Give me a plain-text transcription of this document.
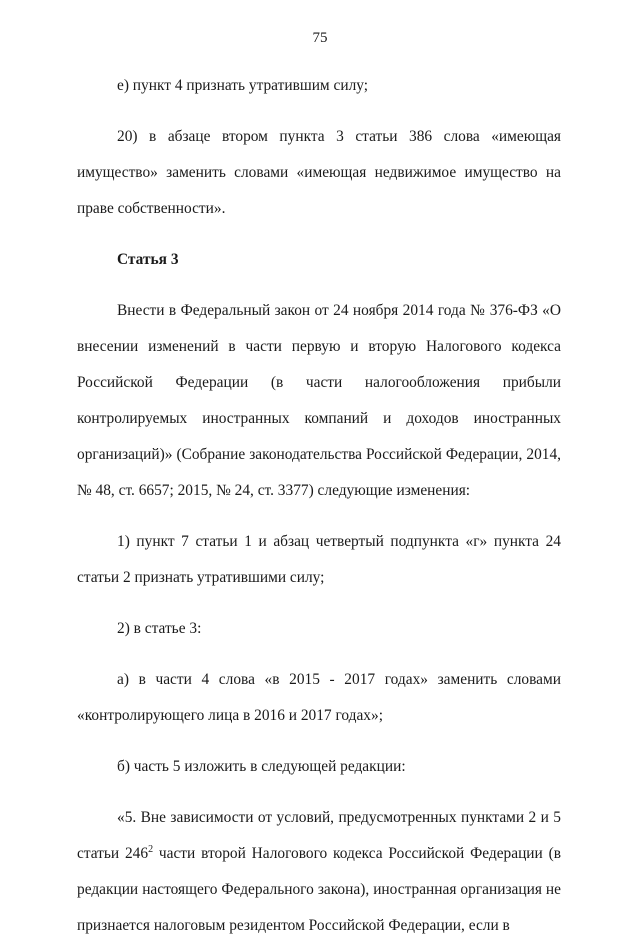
75

е) пункт 4 признать утратившим силу;

20) в абзаце втором пункта 3 статьи 386 слова «имеющая имущество» заменить словами «имеющая недвижимое имущество на праве собственности».

Статья 3

Внести в Федеральный закон от 24 ноября 2014 года № 376-ФЗ «О внесении изменений в части первую и вторую Налогового кодекса Российской Федерации (в части налогообложения прибыли контролируемых иностранных компаний и доходов иностранных организаций)» (Собрание законодательства Российской Федерации, 2014, № 48, ст. 6657; 2015, № 24, ст. 3377) следующие изменения:

1) пункт 7 статьи 1 и абзац четвертый подпункта «г» пункта 24 статьи 2 признать утратившими силу;

2) в статье 3:

а) в части 4 слова «в 2015 - 2017 годах» заменить словами «контролирующего лица в 2016 и 2017 годах»;

б) часть 5 изложить в следующей редакции:

«5. Вне зависимости от условий, предусмотренных пунктами 2 и 5 статьи $246^2$ части второй Налогового кодекса Российской Федерации (в редакции настоящего Федерального закона), иностранная организация не признается налоговым резидентом Российской Федерации, если в
